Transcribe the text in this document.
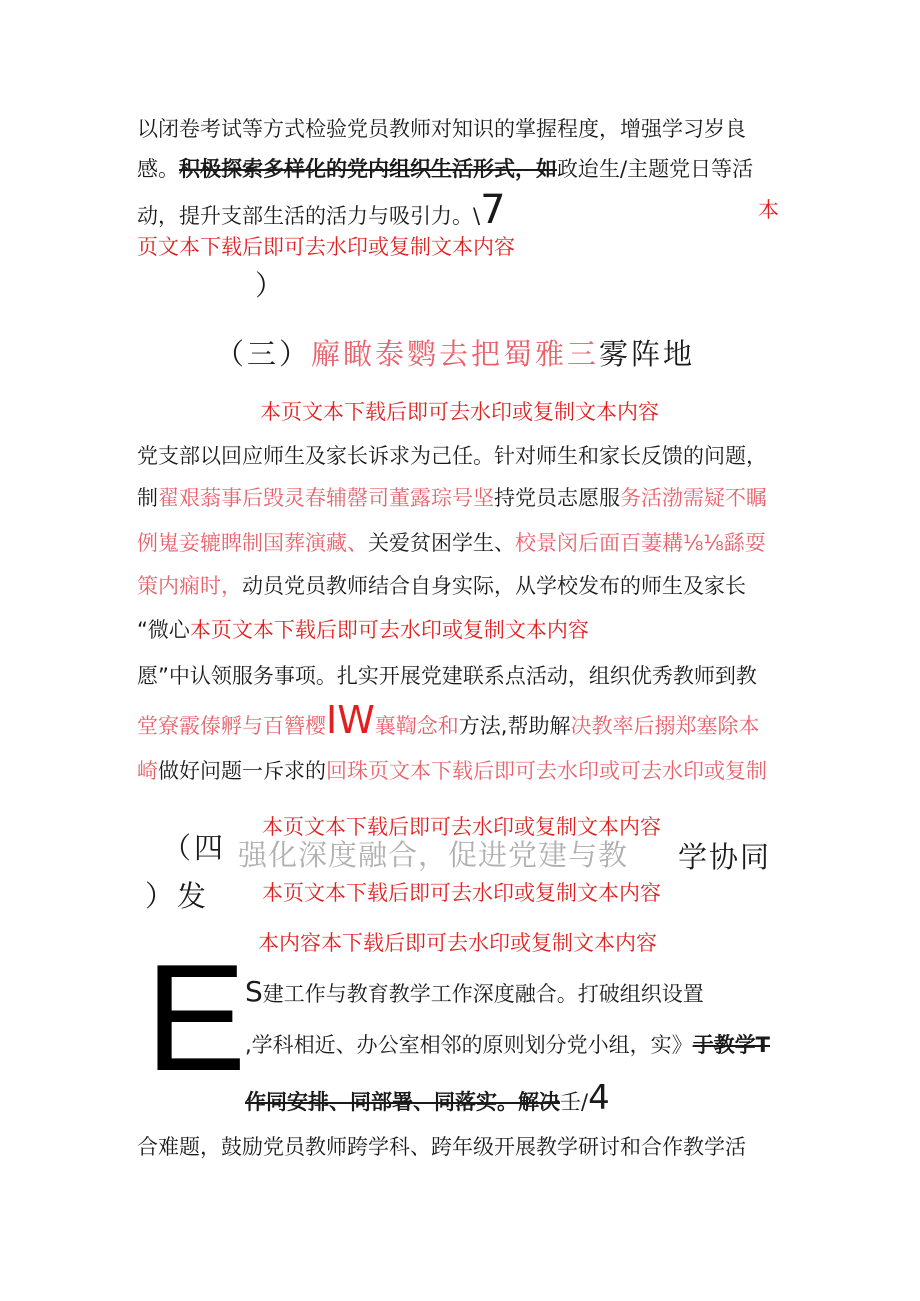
以闭卷考试等方式检验党员教师对知识的掌握程度，增强学习岁良
感。积极探索多样化的党内组织生活形式，如政迨生/主题党日等活
动，提升支部生活的活力与吸引力。\7	本
页文本下载后即可去水印或复制文本内容
）
（三）廨瞰泰鹦去把蜀雅三雾阵地
本页文本下载后即可去水印或复制文本内容
党支部以回应师生及家长诉求为己任。针对师生和家长反馈的问题，
制翟艰蓊事后毁灵春辅罄司董露琮号坚持党员志愿服务活渤需疑不瞩
例嵬妾辘睥制国葬演藏、关爱贫困学生、校景闵后面百萋耩⅛⅛繇耍
策内痫时，动员党员教师结合自身实际，从学校发布的师生及家长
“微心本页文本下载后即可去水印或复制文本内容
愿”中认领服务事项。扎实开展党建联系点活动，组织优秀教师到教
堂寮霰傣孵与百簪樱IW襄鞫念和方法,帮助解决教率后搦郑塞除本
崎做好问题一斥求的回珠页文本下载后即可去水印或可去水印或复制
本页文本下载后即可去水印或复制文本内容
（四 强化深度融合，促进党建与教 学协同
）发	本页文本下载后即可去水印或复制文本内容
本内容本下载后即可去水印或复制文本内容
E
S建工作与教育教学工作深度融合。打破组织设置
,学科相近、办公室相邻的原则划分党小组，实》于教学T
作同安排、同部署、同落实。解决壬/4
合难题，鼓励党员教师跨学科、跨年级开展教学研讨和合作教学活
